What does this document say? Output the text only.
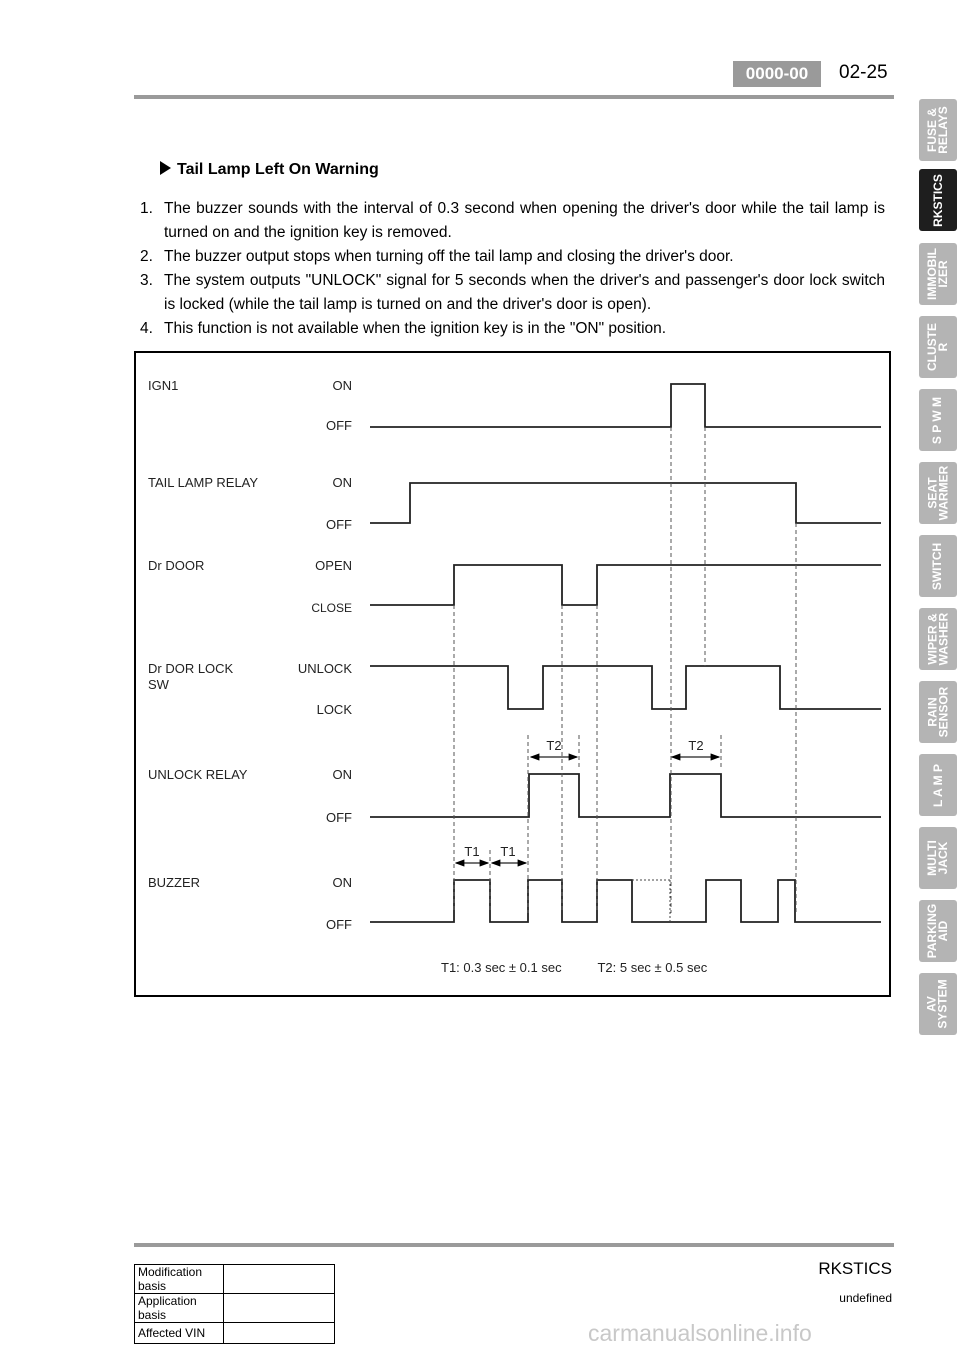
0000-00	02-25
FUSE &
RELAYS
RKSTICS
IMMOBIL
IZER
CLUSTE
R
S P W M
SEAT
WARMER
SWITCH
WIPER &
WASHER
RAIN
SENSOR
L A M P
MULTI
JACK
PARKING
AID
AV
SYSTEM
Tail Lamp Left On Warning
1. The buzzer sounds with the interval of 0.3 second when opening the driver's door while the tail lamp is turned on and the ignition key is removed.
2. The buzzer output stops when turning off the tail lamp and closing the driver's door.
3. The system outputs "UNLOCK" signal for 5 seconds when the driver's and passenger's door lock switch is locked (while the tail lamp is turned on and the driver's door is open).
4. This function is not available when the ignition key is in the "ON" position.
IGN1	ON
OFF
TAIL LAMP RELAY	ON
OFF
Dr DOOR	OPEN
CLOSE
Dr DOR LOCK
SW
UNLOCK
LOCK
UNLOCK RELAY	ON
OFF
BUZZER	ON
OFF
T2	T2
T1 T1
T1: 0.3 sec ± 0.1 sec          T2: 5 sec ± 0.5 sec
RKSTICS
undefined
Modification basis	
Application basis	
Affected VIN		carmanualsonline.info
